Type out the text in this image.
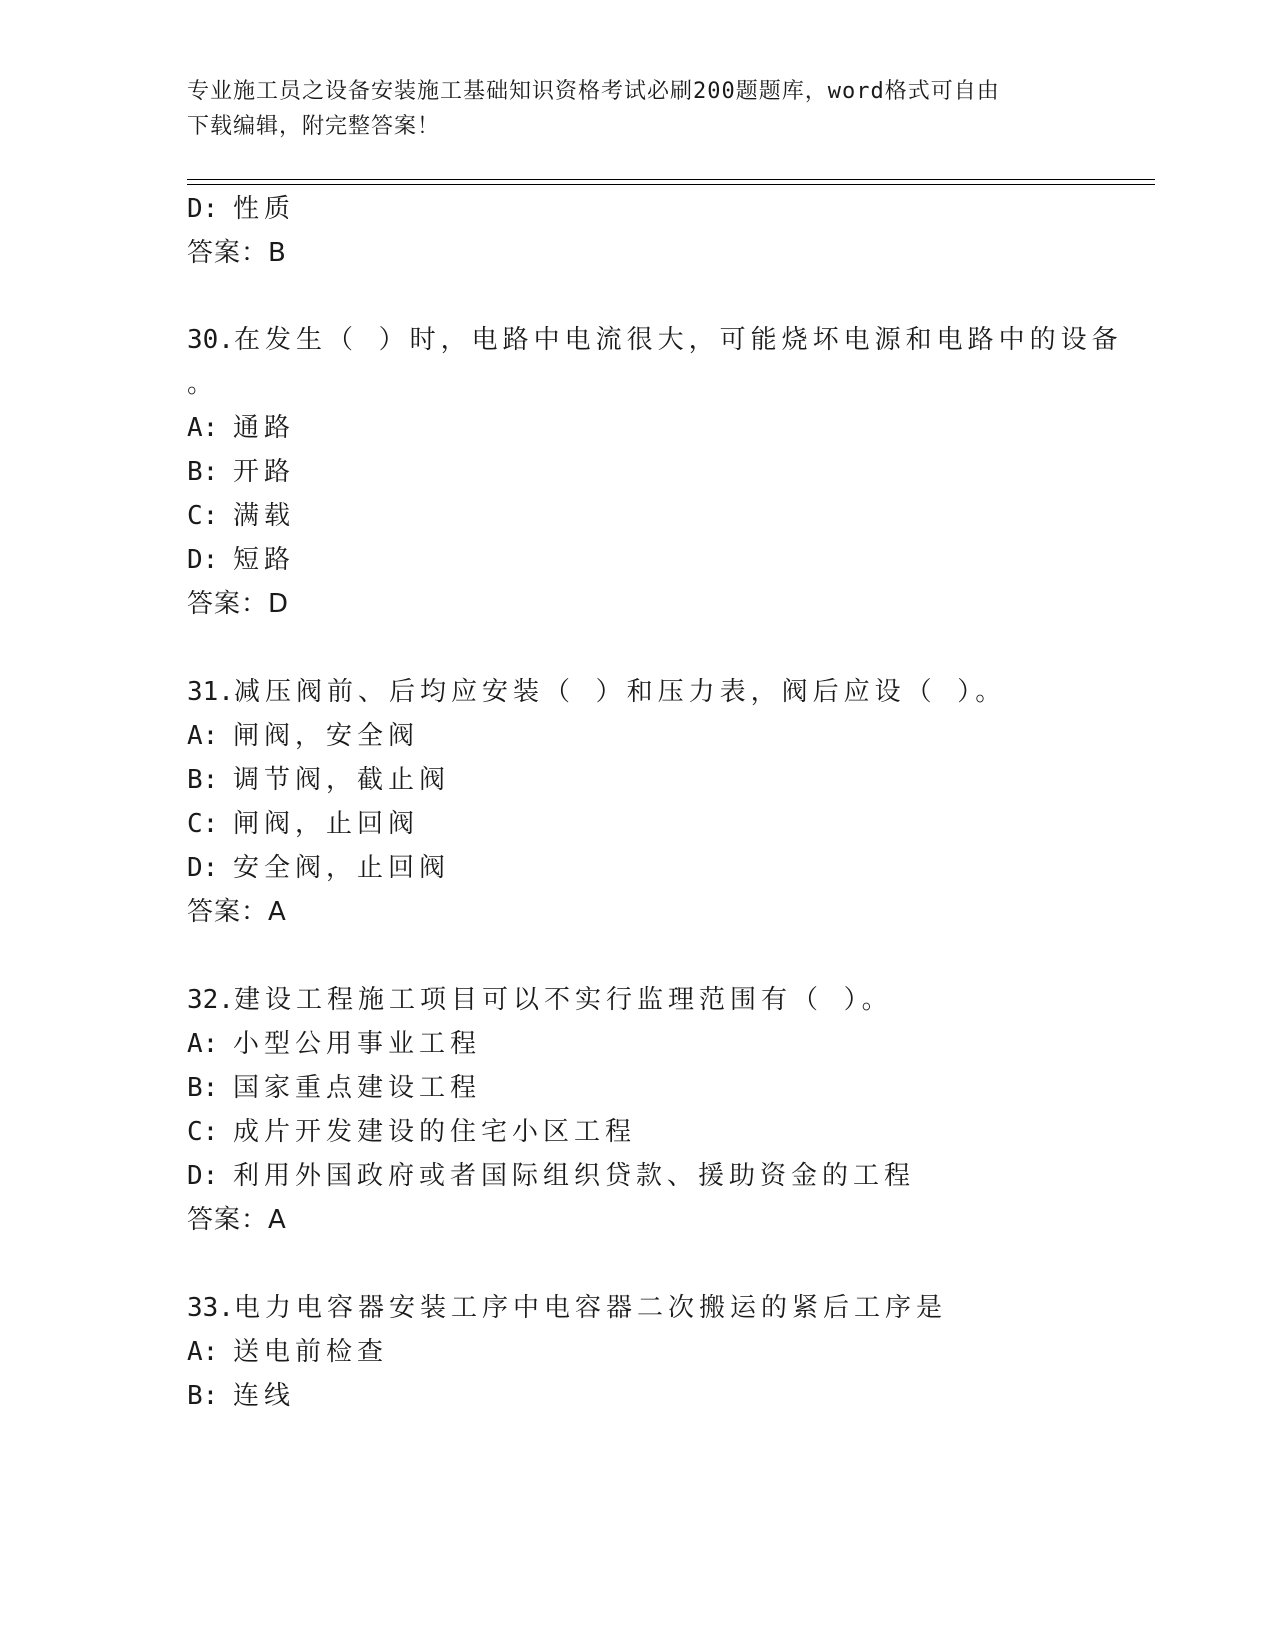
专业施工员之设备安装施工基础知识资格考试必刷200题题库，word格式可自由
下载编辑，附完整答案！
D: 性质
答案：B
30.在发生（ ）时，电路中电流很大，可能烧坏电源和电路中的设备
。
A: 通路
B: 开路
C: 满载
D: 短路
答案：D
31.减压阀前、后均应安装（ ）和压力表，阀后应设（ ）。
A: 闸阀，安全阀
B: 调节阀，截止阀
C: 闸阀，止回阀
D: 安全阀，止回阀
答案：A
32.建设工程施工项目可以不实行监理范围有（ ）。
A: 小型公用事业工程
B: 国家重点建设工程
C: 成片开发建设的住宅小区工程
D: 利用外国政府或者国际组织贷款、援助资金的工程
答案：A
33.电力电容器安装工序中电容器二次搬运的紧后工序是
A: 送电前检查
B: 连线
